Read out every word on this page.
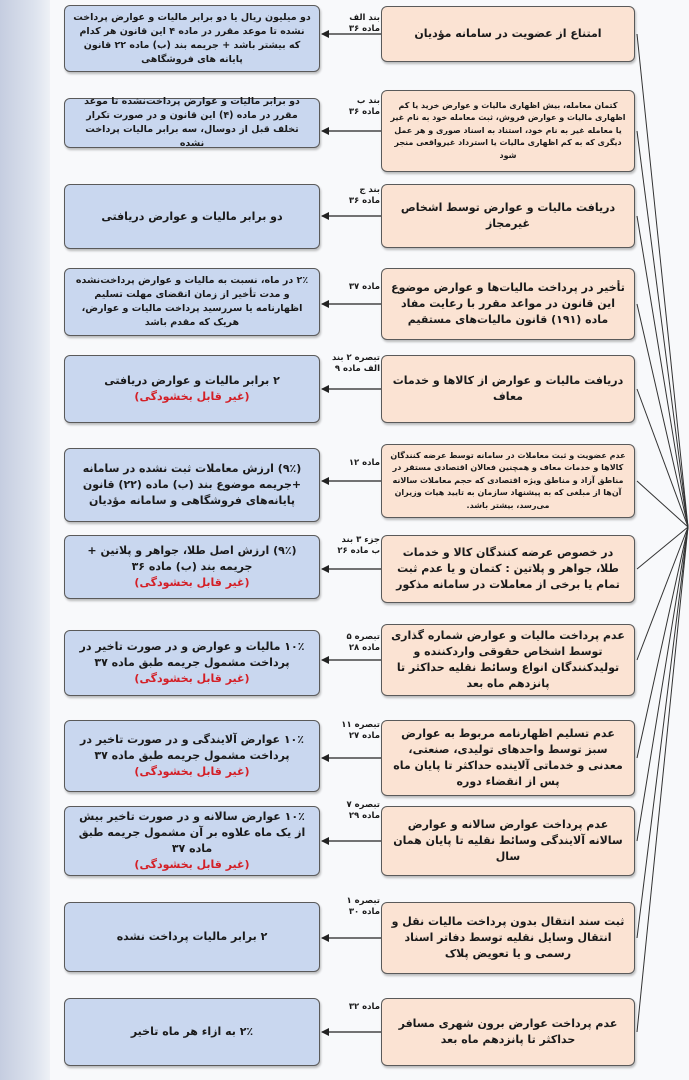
امتناع از عضویت در سامانه مؤدیان
دو میلیون ریال یا دو برابر مالیات و عوارض پرداخت نشده تا موعد مقرر در ماده ۴ این قانون هر کدام که بیشتر باشد + جریمه بند (ب) ماده ۲۲ قانون پایانه های فروشگاهی
بند الف
ماده ۳۶
کتمان معامله، بیش اظهاری مالیات و عوارض خرید یا کم اظهاری مالیات و عوارض فروش، ثبت معامله خود به نام غیر یا معامله غیر به نام خود، استناد به اسناد صوری و هر عمل دیگری که به کم اظهاری مالیات یا استرداد غیرواقعی منجر شود
دو برابر مالیات و عوارض پرداخت‌نشده تا موعد مقرر در ماده (۴) این قانون و در صورت تکرار تخلف قبل از دوسال، سه برابر مالیات پرداخت نشده
بند ب
ماده ۳۶
دریافت مالیات و عوارض توسط اشخاص غیرمجاز
دو برابر مالیات و عوارض دریافتی
بند ج
ماده ۳۶
تأخیر در پرداخت مالیات‌ها و عوارض موضوع این قانون در مواعد مقرر با رعایت مفاد ماده (۱۹۱) قانون مالیات‌های مستقیم
۲٪ در ماه، نسبت به مالیات و عوارض پرداخت‌نشده و مدت تأخیر از زمان انقضای مهلت تسلیم اظهارنامه یا سررسید پرداخت مالیات و عوارض، هریک که مقدم باشد
ماده ۳۷
دریافت مالیات و عوارض از کالاها و خدمات معاف
۲ برابر مالیات و عوارض دریافتی
(غیر قابل بخشودگی)
تبصره ۲ بند
الف ماده ۹
عدم عضویت و ثبت معاملات در سامانه توسط عرضه کنندگان کالاها و خدمات معاف و همچنین فعالان اقتصادی مستقر در مناطق آزاد و مناطق ویژه اقتصادی که حجم معاملات سالانه آن‌ها از مبلغی که به پیشنهاد سازمان به تایید هیات وزیران می‌رسد، بیشتر باشد.
(۹٪) ارزش معاملات ثبت نشده در سامانه +جریمه موضوع بند (ب) ماده (۲۲) قانون پایانه‌های فروشگاهی و سامانه مؤدیان
ماده ۱۲
در خصوص عرضه کنندگان کالا و خدمات طلا، جواهر و پلاتین : کتمان و یا عدم ثبت تمام یا برخی از معاملات در سامانه مذکور
(۹٪) ارزش اصل طلا، جواهر و پلاتین + جریمه بند (ب) ماده ۳۶
(غیر قابل بخشودگی)
جزء ۳ بند
ب ماده ۲۶
عدم پرداخت مالیات و عوارض شماره گذاری توسط اشخاص حقوقی واردکننده و تولیدکنندگان انواع وسائط نقلیه حداکثر تا پانزدهم ماه بعد
۱۰٪ مالیات و عوارض و در صورت تاخیر در پرداخت مشمول جریمه طبق ماده ۳۷
(غیر قابل بخشودگی)
تبصره ۵
ماده ۲۸
عدم تسلیم اظهارنامه مربوط به عوارض سبز توسط واحدهای تولیدی، صنعتی، معدنی و خدماتی آلاینده حداکثر تا پایان ماه پس از انقضاء دوره
۱۰٪ عوارض آلایندگی و در صورت تاخیر در پرداخت مشمول جریمه طبق ماده ۳۷
(غیر قابل بخشودگی)
تبصره ۱۱
ماده ۲۷
عدم پرداخت عوارض سالانه و عوارض سالانه آلایندگی وسائط نقلیه تا پایان همان سال
۱۰٪ عوارض سالانه و در صورت تاخیر بیش از یک ماه علاوه بر آن مشمول جریمه طبق ماده ۳۷
(غیر قابل بخشودگی)
تبصره ۷
ماده ۲۹
ثبت سند انتقال بدون پرداخت مالیات نقل و انتقال وسایل نقلیه توسط دفاتر اسناد رسمی و یا تعویض پلاک
۲ برابر مالیات پرداخت نشده
تبصره ۱
ماده ۳۰
عدم پرداخت عوارض برون شهری مسافر حداکثر تا پانزدهم ماه بعد
۲٪ به ازاء هر ماه تاخیر
ماده ۳۲
